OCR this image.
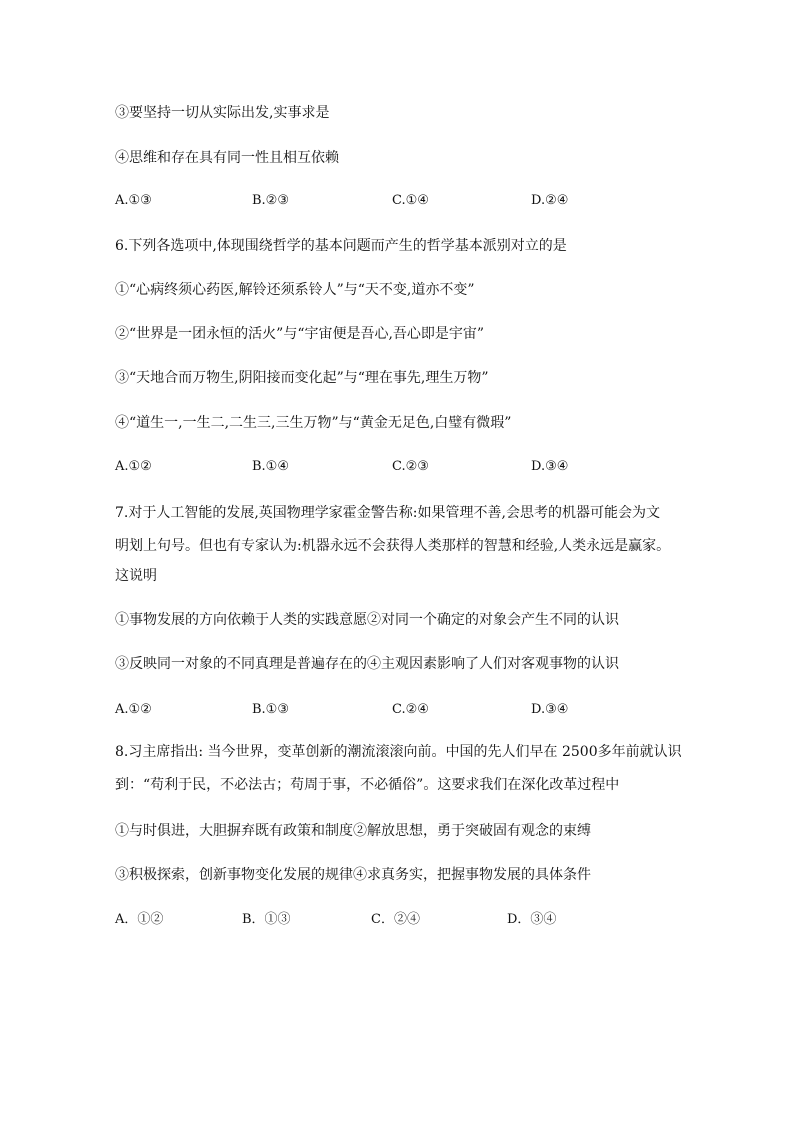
③要坚持一切从实际出发,实事求是
④思维和存在具有同一性且相互依赖
A.①③	B.②③	C.①④	D.②④
6.下列各选项中,体现围绕哲学的基本问题而产生的哲学基本派别对立的是
①“心病终须心药医,解铃还须系铃人”与“天不变,道亦不变”
②“世界是一团永恒的活火”与“宇宙便是吾心,吾心即是宇宙”
③“天地合而万物生,阴阳接而变化起”与“理在事先,理生万物”
④“道生一,一生二,二生三,三生万物”与“黄金无足色,白璧有微瑕”
A.①②	B.①④	C.②③	D.③④
7.对于人工智能的发展,英国物理学家霍金警告称:如果管理不善,会思考的机器可能会为文
明划上句号。但也有专家认为:机器永远不会获得人类那样的智慧和经验,人类永远是赢家。
这说明
①事物发展的方向依赖于人类的实践意愿②对同一个确定的对象会产生不同的认识
③反映同一对象的不同真理是普遍存在的④主观因素影响了人们对客观事物的认识
A.①②	B.①③	C.②④	D.③④
8.习主席指出: 当今世界，变革创新的潮流滚滚向前。中国的先人们早在 2500多年前就认识
到：“苟利于民，不必法古；苟周于事，不必循俗”。这要求我们在深化改革过程中
①与时俱进，大胆摒弃既有政策和制度②解放思想，勇于突破固有观念的束缚
③积极探索，创新事物变化发展的规律④求真务实，把握事物发展的具体条件
A．①②	B．①③	C．②④	D．③④
